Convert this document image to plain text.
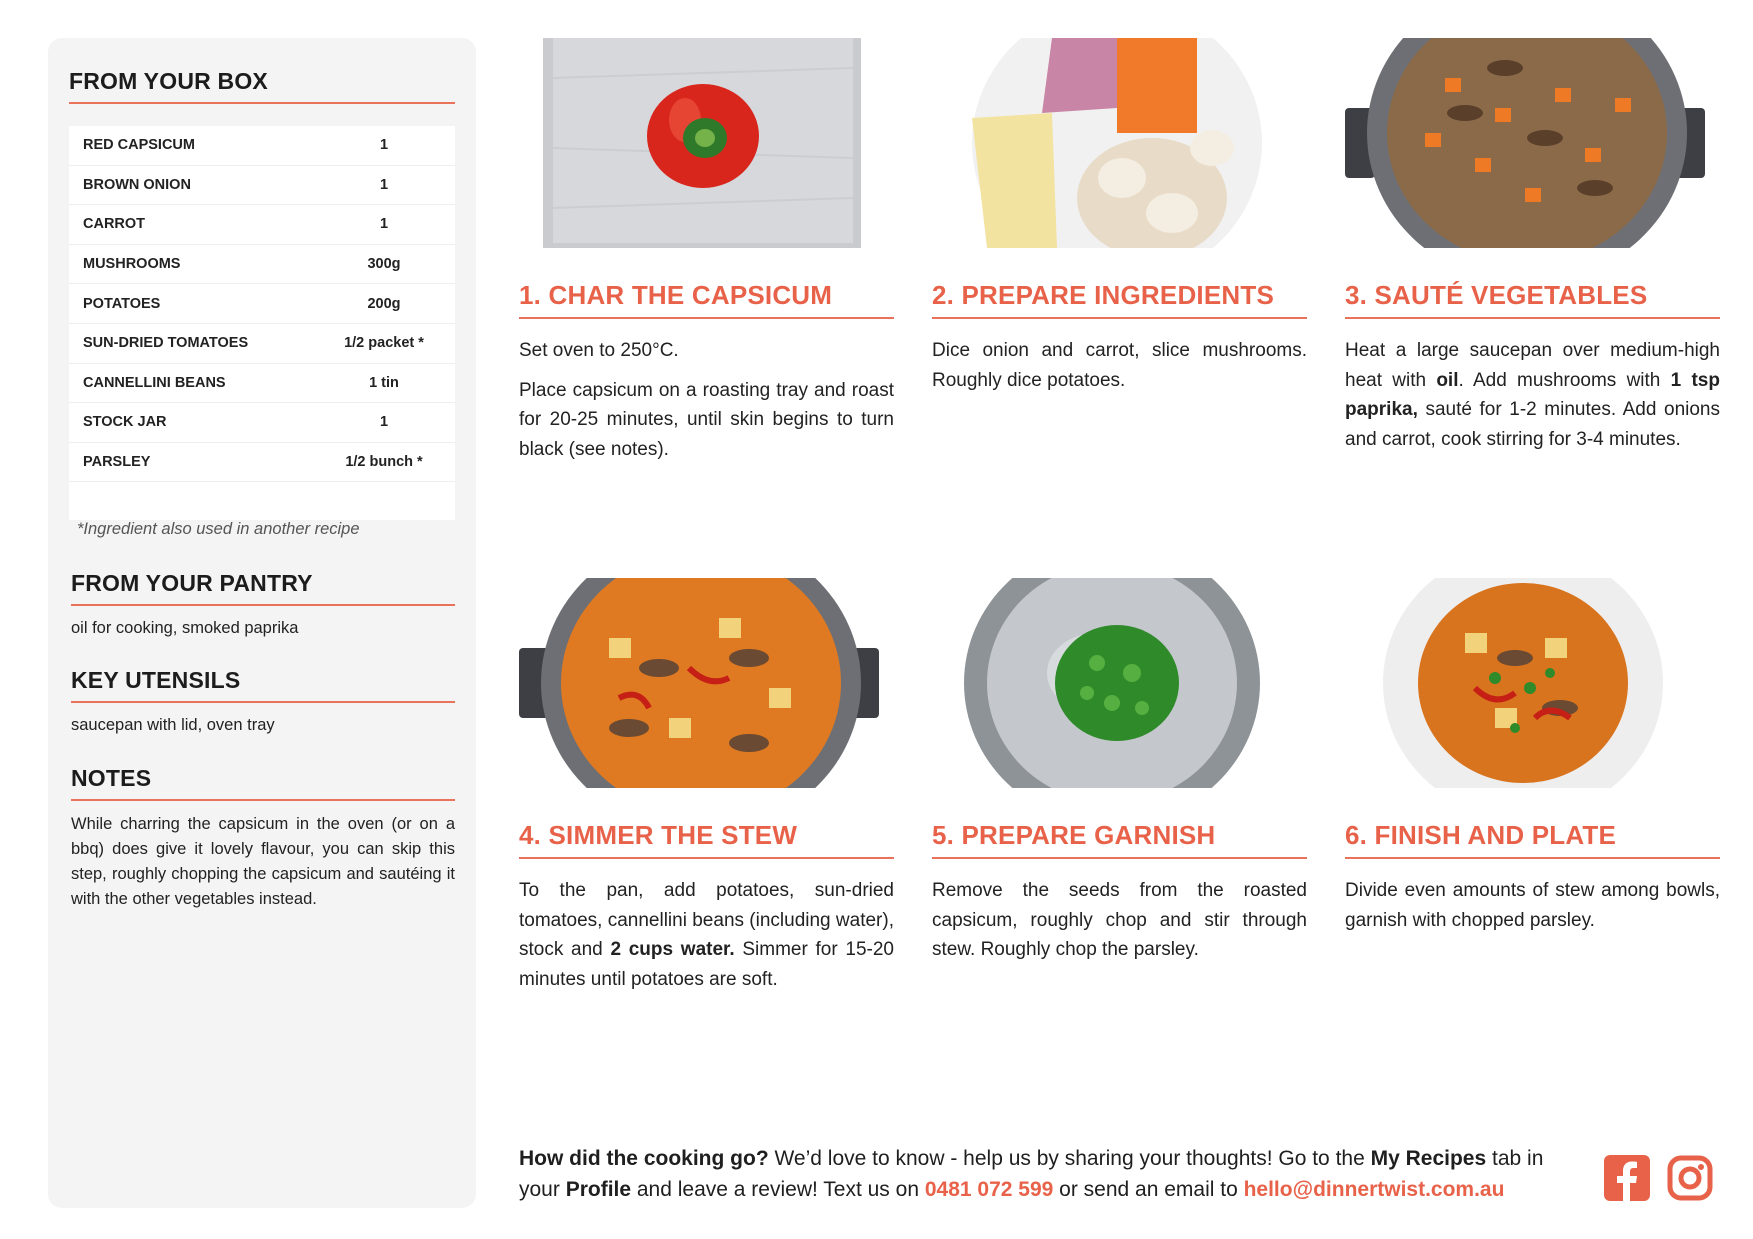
FROM YOUR BOX
RED CAPSICUM	1
BROWN ONION	1
CARROT	1
MUSHROOMS	300g
POTATOES	200g
SUN-DRIED TOMATOES	1/2 packet *
CANNELLINI BEANS	1 tin
STOCK JAR	1
PARSLEY	1/2 bunch *

*Ingredient also used in another recipe
FROM YOUR PANTRY
oil for cooking, smoked paprika
KEY UTENSILS
saucepan with lid, oven tray
NOTES
While charring the capsicum in the oven (or on a bbq) does give it lovely flavour, you can skip this step, roughly chopping the capsicum and sautéing it with the other vegetables instead.
1. CHAR THE CAPSICUM

Set oven to 250°C.

Place capsicum on a roasting tray and roast for 20-25 minutes, until skin begins to turn black (see notes).

2. PREPARE INGREDIENTS

Dice onion and carrot, slice mushrooms. Roughly dice potatoes.

3. SAUTÉ VEGETABLES

Heat a large saucepan over medium-high heat with oil. Add mushrooms with 1 tsp paprika, sauté for 1-2 minutes. Add onions and carrot, cook stirring for 3-4 minutes.

4. SIMMER THE STEW

To the pan, add potatoes, sun-dried tomatoes, cannellini beans (including water), stock and 2 cups water. Simmer for 15-20 minutes until potatoes are soft.

5. PREPARE GARNISH

Remove the seeds from the roasted capsicum, roughly chop and stir through stew. Roughly chop the parsley.

6. FINISH AND PLATE

Divide even amounts of stew among bowls, garnish with chopped parsley.

How did the cooking go? We’d love to know - help us by sharing your thoughts! Go to the My Recipes tab in your Profile and leave a review! Text us on 0481 072 599 or send an email to hello@dinnertwist.com.au
